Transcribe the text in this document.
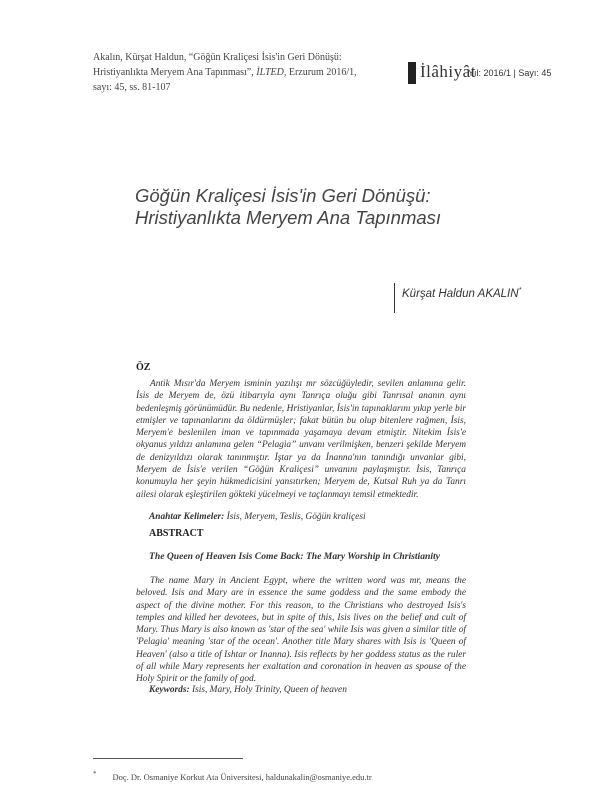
Akalın, Kürşat Haldun, “Göğün Kraliçesi İsis'in Geri Dönüşü:
Hristiyanlıkta Meryem Ana Tapınması”, İLTED, Erzurum 2016/1,
sayı: 45, ss. 81-107
İlâhiyât
Yıl: 2016/1 | Sayı: 45
Göğün Kraliçesi İsis'in Geri Dönüşü:
Hristiyanlıkta Meryem Ana Tapınması
Kürşat Haldun AKALIN*
ÖZ
Antik Mısır'da Meryem isminin yazılışı mr sözcüğüyledir, sevilen anlamına gelir. İsis de Meryem de, özü itibarıyla aynı Tanrıça oluğu gibi Tanrısal ananın aynı bedenleşmiş görünümüdür. Bu nedenle, Hristiyanlar, İsis'in tapınaklarını yıkıp yerle bir etmişler ve tapınanlarını da öldürmüşler; fakat bütün bu olup bitenlere rağmen, İsis, Meryem'e beslenilen iman ve tapınmada yaşamaya devam etmiştir. Nitekim İsis'e okyanus yıldızı anlamına gelen “Pelagia” unvanı verilmişken, benzeri şekilde Meryem de denizyıldızı olarak tanınmıştır. İştar ya da İnanna'nın tanındığı unvanlar gibi, Meryem de İsis'e verilen “Göğün Kraliçesi” unvanını paylaşmıştır. İsis, Tanrıça konumuyla her şeyin hükmedicisini yansıtırken; Meryem de, Kutsal Ruh ya da Tanrı ailesi olarak eşleştirilen gökteki yücelmeyi ve taçlanmayı temsil etmektedir.
Anahtar Kelimeler: İsis, Meryem, Teslis, Göğün kraliçesi
ABSTRACT
The Queen of Heaven Isis Come Back: The Mary Worship in Christianity
The name Mary in Ancient Egypt, where the written word was mr, means the beloved. Isis and Mary are in essence the same goddess and the same embody the aspect of the divine mother. For this reason, to the Christians who destroyed Isis's temples and killed her devotees, but in spite of this, Isis lives on the belief and cult of Mary. Thus Mary is also known as 'star of the sea' while Isis was given a similar title of 'Pelagia' meaning 'star of the ocean'. Another title Mary shares with Isis is 'Queen of Heaven' (also a title of Ishtar or Inanna). Isis reflects by her goddess status as the ruler of all while Mary represents her exaltation and coronation in heaven as spouse of the Holy Spirit or the family of god.
Keywords: Isis, Mary, Holy Trinity, Queen of heaven
* Doç. Dr. Osmaniye Korkut Ata Üniversitesi, haldunakalin@osmaniye.edu.tr
